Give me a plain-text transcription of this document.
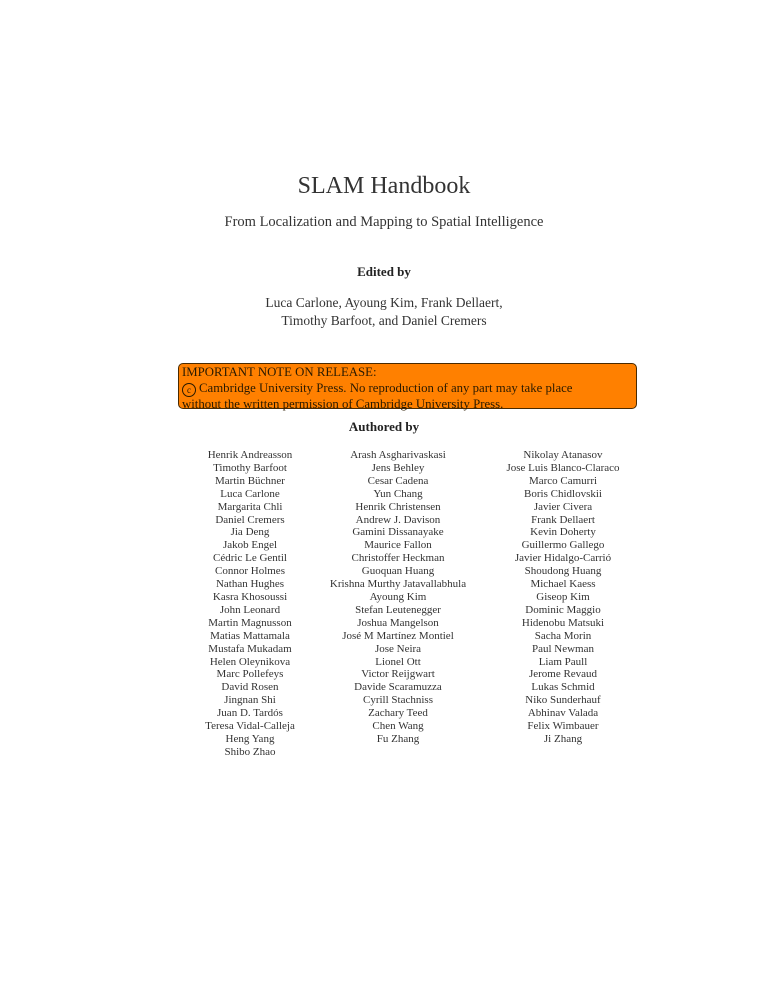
SLAM Handbook
From Localization and Mapping to Spatial Intelligence
Edited by
Luca Carlone, Ayoung Kim, Frank Dellaert,
Timothy Barfoot, and Daniel Cremers
IMPORTANT NOTE ON RELEASE:
c Cambridge University Press. No reproduction of any part may take place
without the written permission of Cambridge University Press.
Authored by
Henrik Andreasson
Timothy Barfoot
Martin Büchner
Luca Carlone
Margarita Chli
Daniel Cremers
Jia Deng
Jakob Engel
Cédric Le Gentil
Connor Holmes
Nathan Hughes
Kasra Khosoussi
John Leonard
Martin Magnusson
Matias Mattamala
Mustafa Mukadam
Helen Oleynikova
Marc Pollefeys
David Rosen
Jingnan Shi
Juan D. Tardós
Teresa Vidal-Calleja
Heng Yang
Shibo Zhao
Arash Asgharivaskasi
Jens Behley
Cesar Cadena
Yun Chang
Henrik Christensen
Andrew J. Davison
Gamini Dissanayake
Maurice Fallon
Christoffer Heckman
Guoquan Huang
Krishna Murthy Jatavallabhula
Ayoung Kim
Stefan Leutenegger
Joshua Mangelson
José M Martínez Montiel
Jose Neira
Lionel Ott
Victor Reijgwart
Davide Scaramuzza
Cyrill Stachniss
Zachary Teed
Chen Wang
Fu Zhang
Nikolay Atanasov
Jose Luis Blanco-Claraco
Marco Camurri
Boris Chidlovskii
Javier Civera
Frank Dellaert
Kevin Doherty
Guillermo Gallego
Javier Hidalgo-Carrió
Shoudong Huang
Michael Kaess
Giseop Kim
Dominic Maggio
Hidenobu Matsuki
Sacha Morin
Paul Newman
Liam Paull
Jerome Revaud
Lukas Schmid
Niko Sunderhauf
Abhinav Valada
Felix Wimbauer
Ji Zhang
